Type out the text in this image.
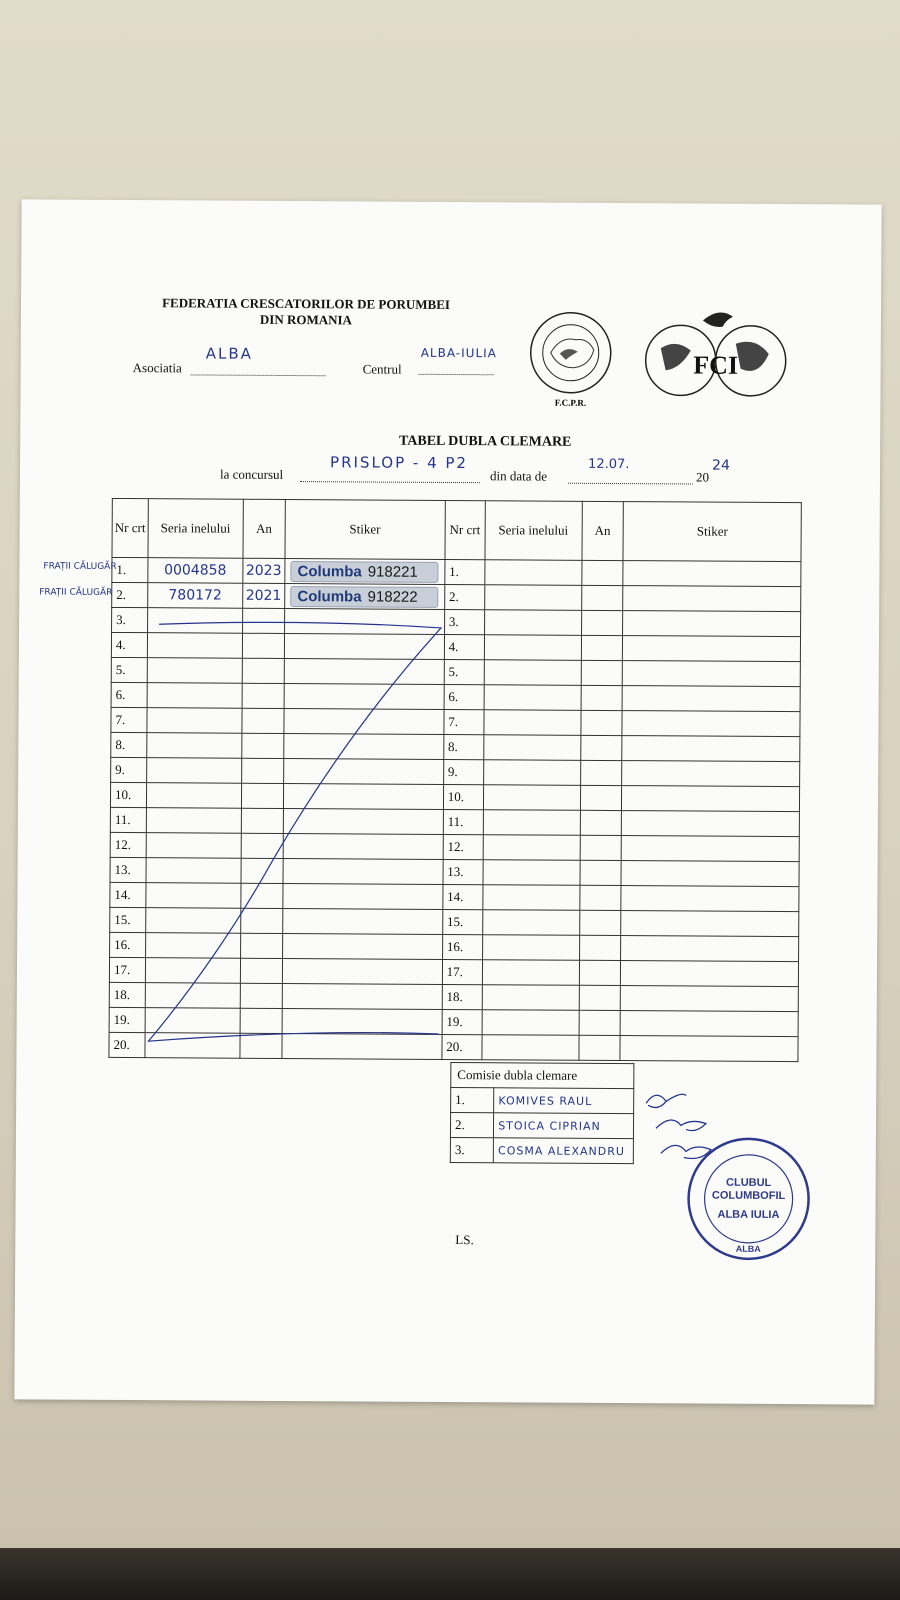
FEDERATIA CRESCATORILOR DE PORUMBEI
DIN ROMANIA
Asociatia
ALBA
Centrul
ALBA-IULIA
F.C.P.R.
FCI
TABEL DUBLA CLEMARE
la concursul
PRISLOP - 4 P2
din data de
12.07.
20
24
FRAȚII CĂLUGĂR
FRAȚII CĂLUGĂR
Nr crt	Seria inelului	An	Stiker	Nr crt	Seria inelului	An	Stiker
1.	0004858	2023	Columba 918221	1.			
2.	780172	2021	Columba 918222	2.			
3.				3.			
4.				4.			
5.				5.			
6.				6.			
7.				7.			
8.				8.			
9.				9.			
10.				10.			
11.				11.			
12.				12.			
13.				13.			
14.				14.			
15.				15.			
16.				16.			
17.				17.			
18.				18.			
19.				19.			
20.				20.			
Comisie dubla clemare	
1.	KOMIVES RAUL
2.	STOICA CIPRIAN
3.	COSMA ALEXANDRU
CLUBUL
COLUMBOFIL
ALBA IULIA
ALBA
LS.
